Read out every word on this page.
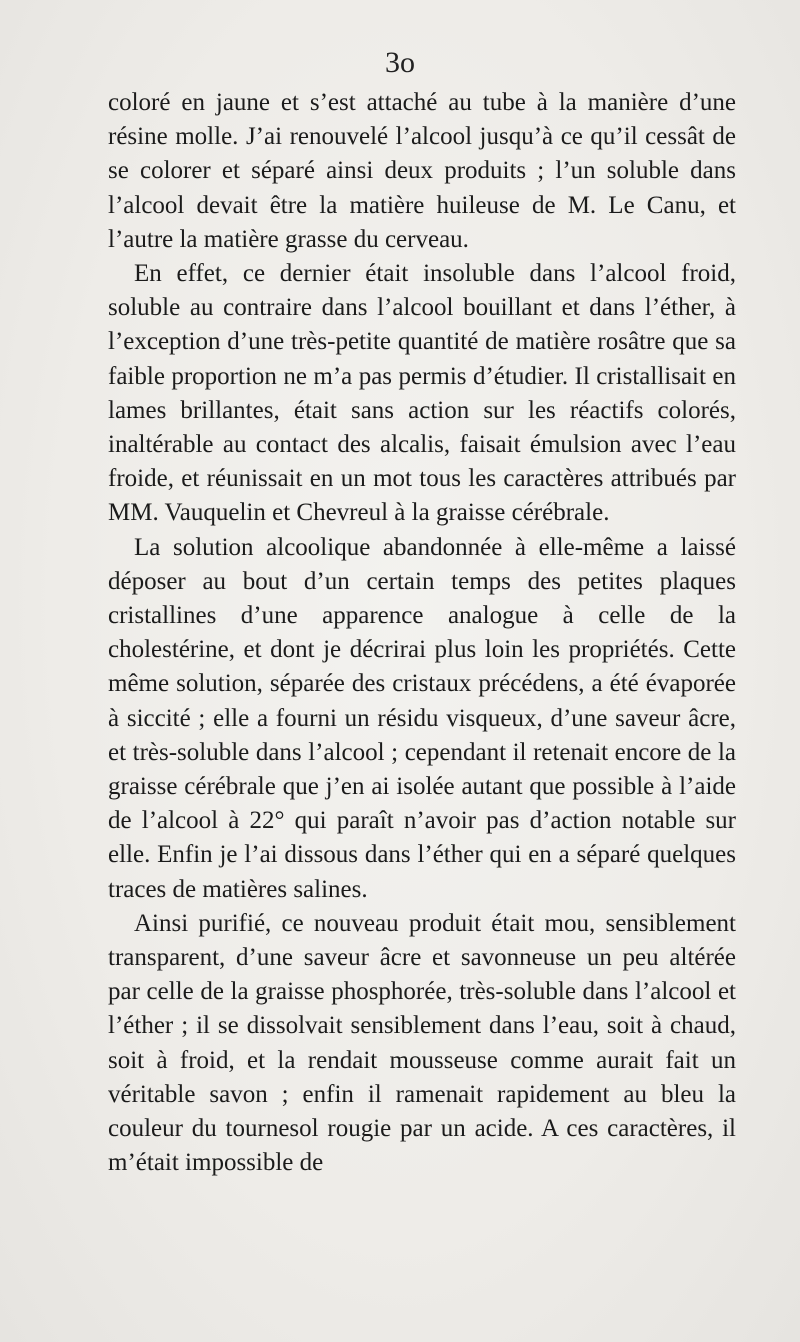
3o

coloré en jaune et s’est attaché au tube à la manière d’une résine molle. J’ai renouvelé l’alcool jusqu’à ce qu’il cessât de se colorer et séparé ainsi deux produits ; l’un soluble dans l’alcool devait être la matière huileuse de M. Le Canu, et l’autre la matière grasse du cerveau.

En effet, ce dernier était insoluble dans l’alcool froid, soluble au contraire dans l’alcool bouillant et dans l’éther, à l’exception d’une très-petite quantité de matière rosâtre que sa faible proportion ne m’a pas permis d’étudier. Il cristallisait en lames brillantes, était sans action sur les réactifs colorés, inaltérable au contact des alcalis, faisait émulsion avec l’eau froide, et réunissait en un mot tous les caractères attribués par MM. Vauquelin et Chevreul à la graisse cérébrale.

La solution alcoolique abandonnée à elle-même a laissé déposer au bout d’un certain temps des petites plaques cristallines d’une apparence analogue à celle de la cholestérine, et dont je décrirai plus loin les propriétés. Cette même solution, séparée des cristaux précédens, a été évaporée à siccité ; elle a fourni un résidu visqueux, d’une saveur âcre, et très-soluble dans l’alcool ; cependant il retenait encore de la graisse cérébrale que j’en ai isolée autant que possible à l’aide de l’alcool à 22° qui paraît n’avoir pas d’action notable sur elle. Enfin je l’ai dissous dans l’éther qui en a séparé quelques traces de matières salines.

Ainsi purifié, ce nouveau produit était mou, sensiblement transparent, d’une saveur âcre et savonneuse un peu altérée par celle de la graisse phosphorée, très-soluble dans l’alcool et l’éther ; il se dissolvait sensiblement dans l’eau, soit à chaud, soit à froid, et la rendait mousseuse comme aurait fait un véritable savon ; enfin il ramenait rapidement au bleu la couleur du tournesol rougie par un acide. A ces caractères, il m’était impossible de
